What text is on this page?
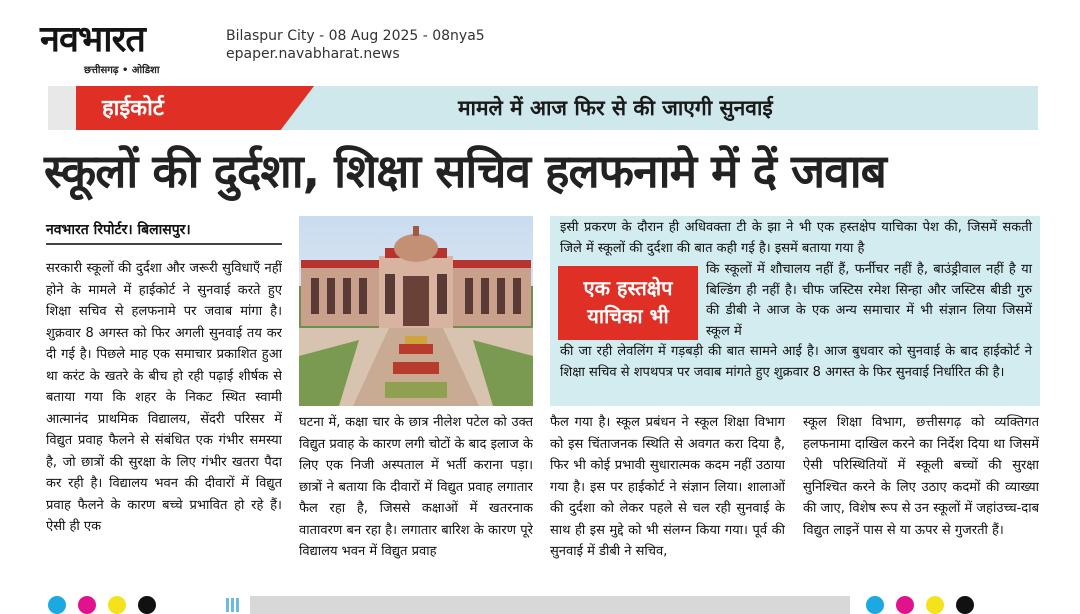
नवभारत
छत्तीसगढ़ • ओडिशा
Bilaspur City - 08 Aug 2025 - 08nya5
epaper.navabharat.news
हाईकोर्ट	मामले में आज फिर से की जाएगी सुनवाई
स्कूलों की दुर्दशा, शिक्षा सचिव हलफनामे में दें जवाब
नवभारत रिपोर्टर। बिलासपुर।
सरकारी स्कूलों की दुर्दशा और जरूरी सुविधाएँ नहीं होने के मामले में हाईकोर्ट ने सुनवाई करते हुए शिक्षा सचिव से हलफनामे पर जवाब मांगा है। शुक्रवार 8 अगस्त को फिर अगली सुनवाई तय कर दी गई है। पिछले माह एक समाचार प्रकाशित हुआ था करंट के खतरे के बीच हो रही पढ़ाई शीर्षक से बताया गया कि शहर के निकट स्थित स्वामी आत्मानंद प्राथमिक विद्यालय, सेंदरी परिसर में विद्युत प्रवाह फैलने से संबंधित एक गंभीर समस्या है, जो छात्रों की सुरक्षा के लिए गंभीर खतरा पैदा कर रही है। विद्यालय भवन की दीवारों में विद्युत प्रवाह फैलने के कारण बच्चे प्रभावित हो रहे हैं। ऐसी ही एक
घटना में, कक्षा चार के छात्र नीलेश पटेल को उक्त विद्युत प्रवाह के कारण लगी चोटों के बाद इलाज के लिए एक निजी अस्पताल में भर्ती कराना पड़ा। छात्रों ने बताया कि दीवारों में विद्युत प्रवाह लगातार फैल रहा है, जिससे कक्षाओं में खतरनाक वातावरण बन रहा है। लगातार बारिश के कारण पूरे विद्यालय भवन में विद्युत प्रवाह
इसी प्रकरण के दौरान ही अधिवक्ता टी के झा ने भी एक हस्तक्षेप याचिका पेश की, जिसमें सकती जिले में स्कूलों की दुर्दशा की बात कही गई है। इसमें बताया गया है
एक हस्तक्षेप
याचिका भी
कि स्कूलों में शौचालय नहीं हैं, फर्नीचर नहीं है, बाउंड्रीवाल नहीं है या बिल्डिंग ही नहीं है। चीफ जस्टिस रमेश सिन्हा और जस्टिस बीडी गुरु की डीबी ने आज के एक अन्य समाचार में भी संज्ञान लिया जिसमें स्कूल में
की जा रही लेवलिंग में गड़बड़ी की बात सामने आई है। आज बुधवार को सुनवाई के बाद हाईकोर्ट ने शिक्षा सचिव से शपथपत्र पर जवाब मांगते हुए शुक्रवार 8 अगस्त के फिर सुनवाई निर्धारित की है।
फैल गया है। स्कूल प्रबंधन ने स्कूल शिक्षा विभाग को इस चिंताजनक स्थिति से अवगत करा दिया है, फिर भी कोई प्रभावी सुधारात्मक कदम नहीं उठाया गया है। इस पर हाईकोर्ट ने संज्ञान लिया। शालाओं की दुर्दशा को लेकर पहले से चल रही सुनवाई के साथ ही इस मुद्दे को भी संलग्न किया गया। पूर्व की सुनवाई में डीबी ने सचिव,
स्कूल शिक्षा विभाग, छत्तीसगढ़ को व्यक्तिगत हलफनामा दाखिल करने का निर्देश दिया था जिसमें ऐसी परिस्थितियों में स्कूली बच्चों की सुरक्षा सुनिश्चित करने के लिए उठाए कदमों की व्याख्या की जाए, विशेष रूप से उन स्कूलों में जहांउच्च-दाब विद्युत लाइनें पास से या ऊपर से गुजरती हैं।
